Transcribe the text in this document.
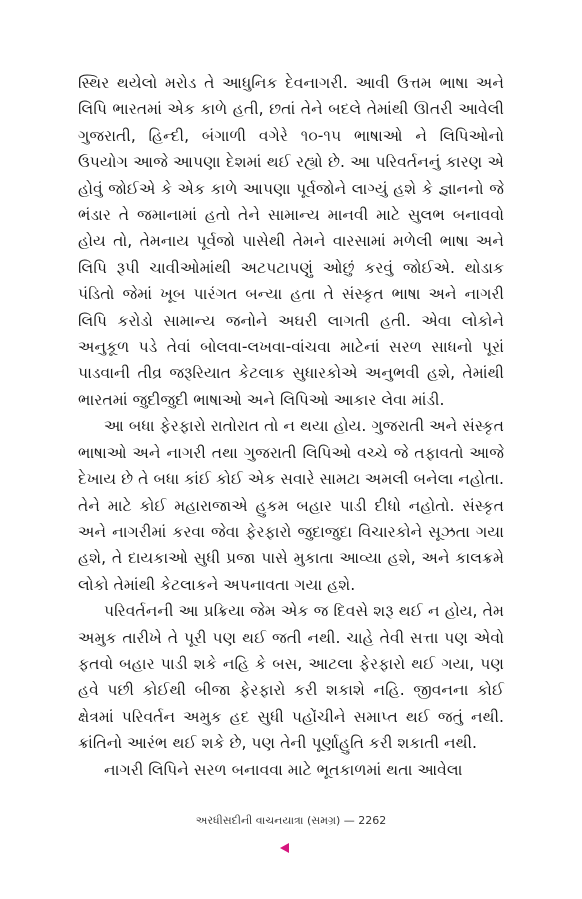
સ્થિર થયેલો મરોડ તે આધુનિક દેવનાગરી. આવી ઉત્તમ ભાષા અને લિપિ ભારતમાં એક કાળે હતી, છતાં તેને બદલે તેમાંથી ઊતરી આવેલી ગુજરાતી, હિન્દી, બંગાળી વગેરે ૧૦-૧૫ ભાષાઓ ને લિપિઓનો ઉપયોગ આજે આપણા દેશમાં થઈ રહ્યો છે. આ પરિવર્તનનું કારણ એ હોવું જોઈએ કે એક કાળે આપણા પૂર્વજોને લાગ્યું હશે કે જ્ઞાનનો જે ભંડાર તે જમાનામાં હતો તેને સામાન્ય માનવી માટે સુલભ બનાવવો હોય તો, તેમનાય પૂર્વજો પાસેથી તેમને વારસામાં મળેલી ભાષા અને લિપિ રૂપી ચાવીઓમાંથી અટપટાપણું ઓછું કરવું જોઈએ. થોડાક પંડિતો જેમાં ખૂબ પારંગત બન્યા હતા તે સંસ્કૃત ભાષા અને નાગરી લિપિ કરોડો સામાન્ય જનોને અઘરી લાગતી હતી. એવા લોકોને અનુકૂળ પડે તેવાં બોલવા-લખવા-વાંચવા માટેનાં સરળ સાધનો પૂરાં પાડવાની તીવ્ર જરૂરિયાત કેટલાક સુધારકોએ અનુભવી હશે, તેમાંથી ભારતમાં જુદીજુદી ભાષાઓ અને લિપિઓ આકાર લેવા માંડી.

આ બધા ફેરફારો રાતોરાત તો ન થયા હોય. ગુજરાતી અને સંસ્કૃત ભાષાઓ અને નાગરી તથા ગુજરાતી લિપિઓ વચ્ચે જે તફાવતો આજે દેખાય છે તે બધા કાંઈ કોઈ એક સવારે સામટા અમલી બનેલા નહોતા. તેને માટે કોઈ મહારાજાએ હુકમ બહાર પાડી દીધો નહોતો. સંસ્કૃત અને નાગરીમાં કરવા જેવા ફેરફારો જુદાજુદા વિચારકોને સૂઝતા ગયા હશે, તે દાયકાઓ સુધી પ્રજા પાસે મુકાતા આવ્યા હશે, અને કાલક્રમે લોકો તેમાંથી કેટલાકને અપનાવતા ગયા હશે.

પરિવર્તનની આ પ્રક્રિયા જેમ એક જ દિવસે શરૂ થઈ ન હોય, તેમ અમુક તારીખે તે પૂરી પણ થઈ જતી નથી. ચાહે તેવી સત્તા પણ એવો ફતવો બહાર પાડી શકે નહિ કે બસ, આટલા ફેરફારો થઈ ગયા, પણ હવે પછી કોઈથી બીજા ફેરફારો કરી શકાશે નહિ. જીવનના કોઈ ક્ષેત્રમાં પરિવર્તન અમુક હદ સુધી પહોંચીને સમાપ્ત થઈ જતું નથી. ક્રાંતિનો આરંભ થઈ શકે છે, પણ તેની પૂર્ણાહુતિ કરી શકાતી નથી.

નાગરી લિપિને સરળ બનાવવા માટે ભૂતકાળમાં થતા આવેલા

અરધીસદીની વાચનયાત્રા (સમગ્ર) — 2262
